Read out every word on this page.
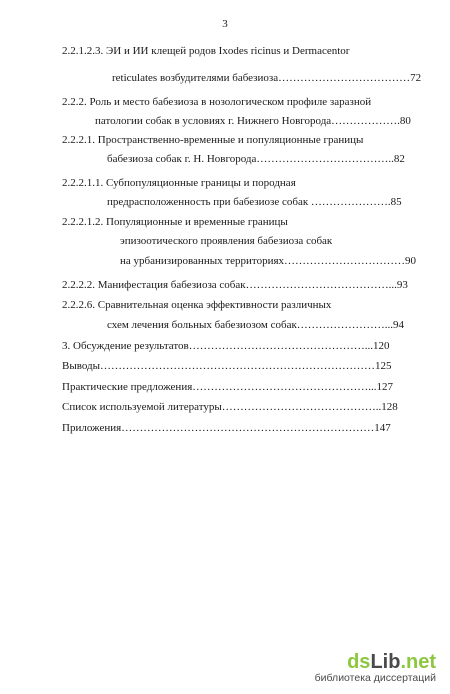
3
2.2.1.2.3. ЭИ и ИИ клещей родов Ixodes ricinus и Dermacentor
reticulates возбудителями бабезиоза………………………………72
2.2.2. Роль и место бабезиоза в нозологическом профиле заразной
патологии собак в условиях г. Нижнего Новгорода……………….80
2.2.2.1. Пространственно-временные и популяционные границы
бабезиоза собак г. Н. Новгорода………………………………..82
2.2.2.1.1. Субпопуляционные границы и породная
предрасположенность при бабезиозе собак ………………….85
2.2.2.1.2. Популяционные и временные границы
эпизоотического проявления бабезиоза собак
на урбанизированных территориях……………………………90
2.2.2.2. Манифестация бабезиоза собак…………………………………...93
2.2.2.6. Сравнительная оценка эффективности различных
схем лечения больных бабезиозом собак……………………...94
3. Обсуждение результатов…………………………………………...120
Выводы…………………………………………………………………125
Практические предложения…………………………………………...127
Список используемой литературы……………………………………..128
Приложения……………………………………………………………147
dsLib.net
библиотека диссертаций
